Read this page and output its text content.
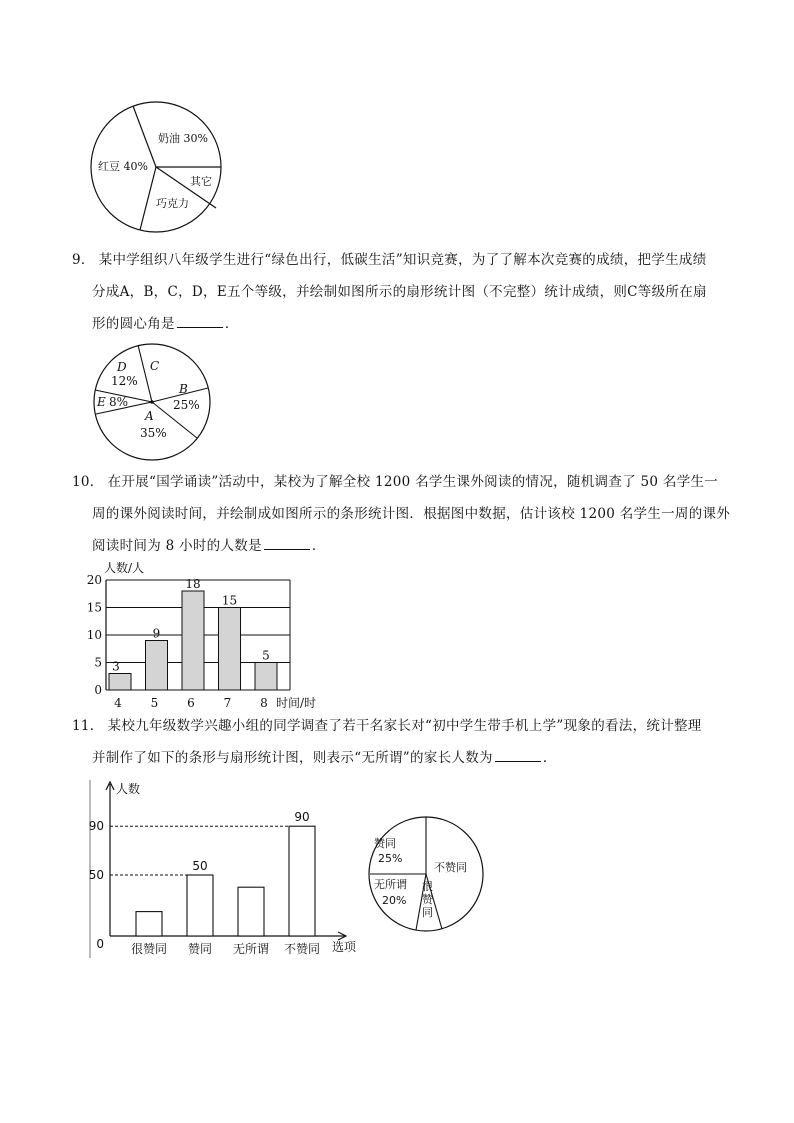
奶油 30%
红豆 40%
其它
巧克力
9． 某中学组织八年级学生进行“绿色出行，低碳生活”知识竞赛，为了了解本次竞赛的成绩，把学生成绩
分成A，B，C，D，E五个等级，并绘制如图所示的扇形统计图（不完整）统计成绩，则C等级所在扇
形的圆心角是	．
C
D
12%
B
25%
E 8%
A
35%
10． 在开展“国学诵读”活动中，某校为了解全校 1200 名学生课外阅读的情况，随机调查了 50 名学生一
周的课外阅读时间，并绘制成如图所示的条形统计图．根据图中数据，估计该校 1200 名学生一周的课外
阅读时间为 8 小时的人数是	．
0
5
10
15
20
3
4
9
5
18
6
15
7
5
8
人数/人
时间/时
11． 某校九年级数学兴趣小组的同学调查了若干名家长对“初中学生带手机上学”现象的看法，统计整理
并制作了如下的条形与扇形统计图，则表示“无所谓”的家长人数为	．
0
50
90
很赞同
50
赞同 无所谓
90
不赞同
人数
选项
赞同
25%
不赞同
无所谓
20%
很赞同
